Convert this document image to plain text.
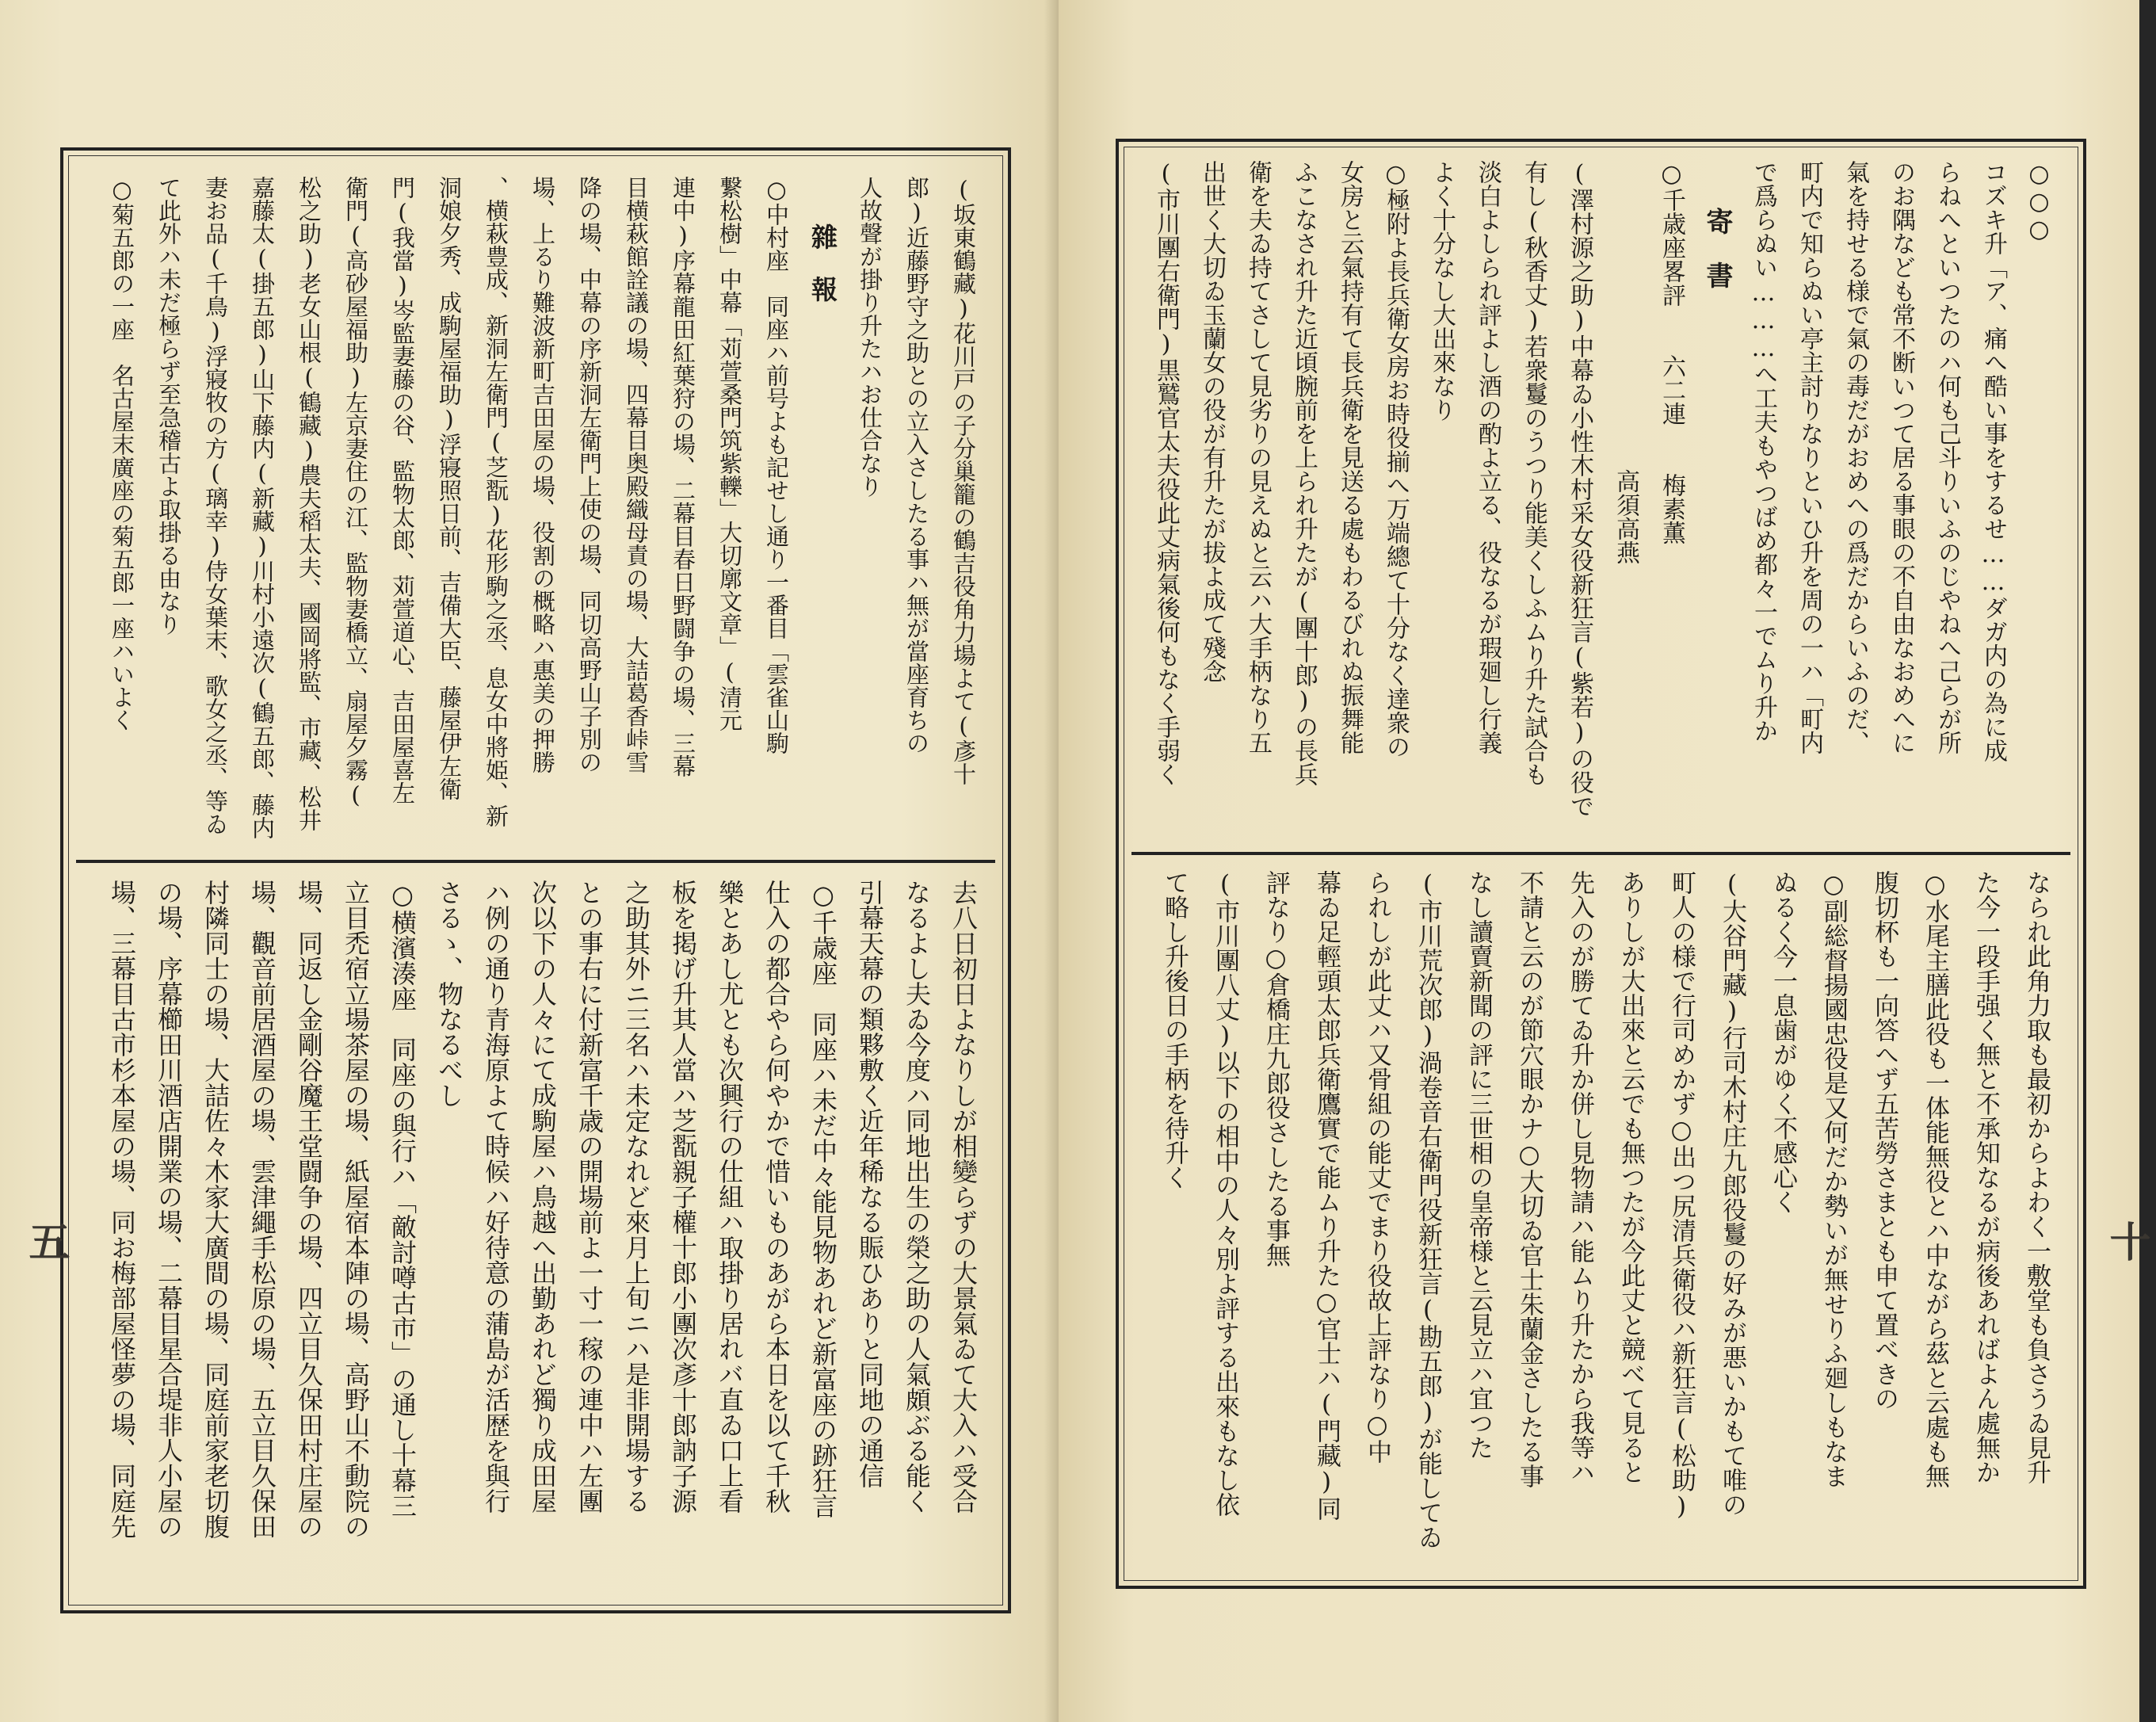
(坂東鶴藏)花川戸の子分巢籠の鶴吉役角力場よて(彥十
郎)近藤野守之助との立入さしたる事ハ無が當座育ちの
人故聲が掛り升たハお仕合なり
雜　報
○中村座　同座ハ前号よも記せし通り一番目「雲雀山駒
繋松樹」中幕「苅萱桑門筑紫轢」大切廓文章」(清元
連中)序幕龍田紅葉狩の場、二幕目春日野闘争の場、三幕
目横萩館詮議の場、四幕目奥殿織母責の場、大詰葛香峠雪
降の場、中幕の序新洞左衛門上使の場、同切高野山子別の
場、上るり難波新町吉田屋の場、役割の概略ハ惠美の押勝
、横萩豊成、新洞左衛門(芝翫)花形駒之丞、息女中將姫、新
洞娘夕秀、成駒屋福助)浮寢照日前、吉備大臣、藤屋伊左衛
門(我當)岑監妻藤の谷、監物太郎、苅萱道心、吉田屋喜左
衛門(高砂屋福助)左京妻住の江、監物妻橋立、扇屋夕霧(
松之助)老女山根(鶴藏)農夫稻太夫、國岡將監、市藏、松井
嘉藤太(掛五郎)山下藤内(新藏)川村小遠次(鶴五郎、藤内
妻お品(千鳥)浮寢牧の方(璃幸)侍女葉末、歌女之丞、等ゐ
て此外ハ未だ極らず至急稽古よ取掛る由なり
○菊五郎の一座　名古屋末廣座の菊五郎一座ハいよく
去八日初日よなりしが相變らずの大景氣ゐて大入ハ受合
なるよし夫ゐ今度ハ同地出生の榮之助の人氣頗ぶる能く
引幕天幕の類夥敷く近年稀なる賑ひありと同地の通信
○千歳座　同座ハ未だ中々能見物あれど新富座の跡狂言
仕入の都合やら何やかで惜いものあがら本日を以て千秋
樂とあし尤とも次興行の仕組ハ取掛り居れバ直ゐ口上看
板を掲げ升其人當ハ芝翫親子權十郎小團次彥十郎訥子源
之助其外ニ三名ハ未定なれど來月上旬ニハ是非開場する
との事右に付新富千歳の開場前よ一寸一稼の連中ハ左團
次以下の人々にて成駒屋ハ鳥越へ出勤あれど獨り成田屋
ハ例の通り青海原よて時候ハ好待意の蒲島が活歴を與行
さるゝ、物なるべし
○横濱湊座　同座の與行ハ「敵討噂古市」の通し十幕三
立目禿宿立場茶屋の場、紙屋宿本陣の場、高野山不動院の
場、同返し金剛谷魔王堂闘争の場、四立目久保田村庄屋の
場、觀音前居酒屋の場、雲津繩手松原の場、五立目久保田
村隣同士の場、大詰佐々木家大廣間の場、同庭前家老切腹
の場、序幕櫛田川酒店開業の場、二幕目星合堤非人小屋の
場、三幕目古市杉本屋の場、同お梅部屋怪夢の場、同庭先
五
○○○
コズキ升「ア、痛へ酷い事をするせ……ダガ内の為に成
らねへといつたのハ何も己斗りいふのじやねへ己らが所
のお隅なども常不断いつて居る事眼の不自由なおめへに
氣を持せる様で氣の毒だがおめへの爲だからいふのだ、
町内で知らぬい亭主討りなりといひ升を周の一ハ「町内
で爲らぬい………へ工夫もやつばめ都々一でムり升か
寄　書
○千歳座畧評　　六二連　　梅素薫
　　　　　　　　　　　　　高須高燕
(澤村源之助)中幕ゐ小性木村采女役新狂言(紫若)の役で
有し(秋香丈)若衆鬘のうつり能美くしふムり升た試合も
淡白よしられ評よし酒の酌よ立る、役なるが瑕廻し行義
よく十分なし大出來なり
○極附よ長兵衛女房お時役揃へ万端總て十分なく達衆の
女房と云氣持有て長兵衛を見送る處もわるびれぬ振舞能
ふこなされ升た近頃腕前を上られ升たが(團十郎)の長兵
衛を夫ゐ持てさして見劣りの見えぬと云ハ大手柄なり五
出世く大切ゐ玉蘭女の役が有升たが拔よ成て殘念
(市川團右衛門)黒鷲官太夫役此丈病氣後何もなく手弱く
なられ此角力取も最初からよわく一敷堂も負さうゐ見升
た今一段手强く無と不承知なるが病後あればよん處無か
○水尾主膳此役も一体能無役とハ中ながら茲と云處も無
腹切杯も一向答へず五苦勞さまとも申て置べきの
○副総督揚國忠役是又何だか勢いが無せりふ廻しもなま
ぬるく今一息歯がゆく不感心く
(大谷門藏)行司木村庄九郎役鬘の好みが悪いかもて唯の
町人の様で行司めかず○出つ尻清兵衛役ハ新狂言(松助)
ありしが大出來と云でも無つたが今此丈と競べて見ると
先入のが勝てゐ升か併し見物請ハ能ムり升たから我等ハ
不請と云のが節穴眼かナ○大切ゐ官士朱蘭金さしたる事
なし讀賣新聞の評に三世相の皇帝様と云見立ハ宜つた
(市川荒次郎)渦卷音右衛門役新狂言(勘五郎)が能してゐ
られしが此丈ハ又骨組の能丈でまり役故上評なり○中
幕ゐ足輕頭太郎兵衛鷹實で能ムり升た○官士ハ(門藏)同
評なり○倉橋庄九郎役さしたる事無
(市川團八丈)以下の相中の人々別よ評する出來もなし依
て略し升後日の手柄を待升く
十
